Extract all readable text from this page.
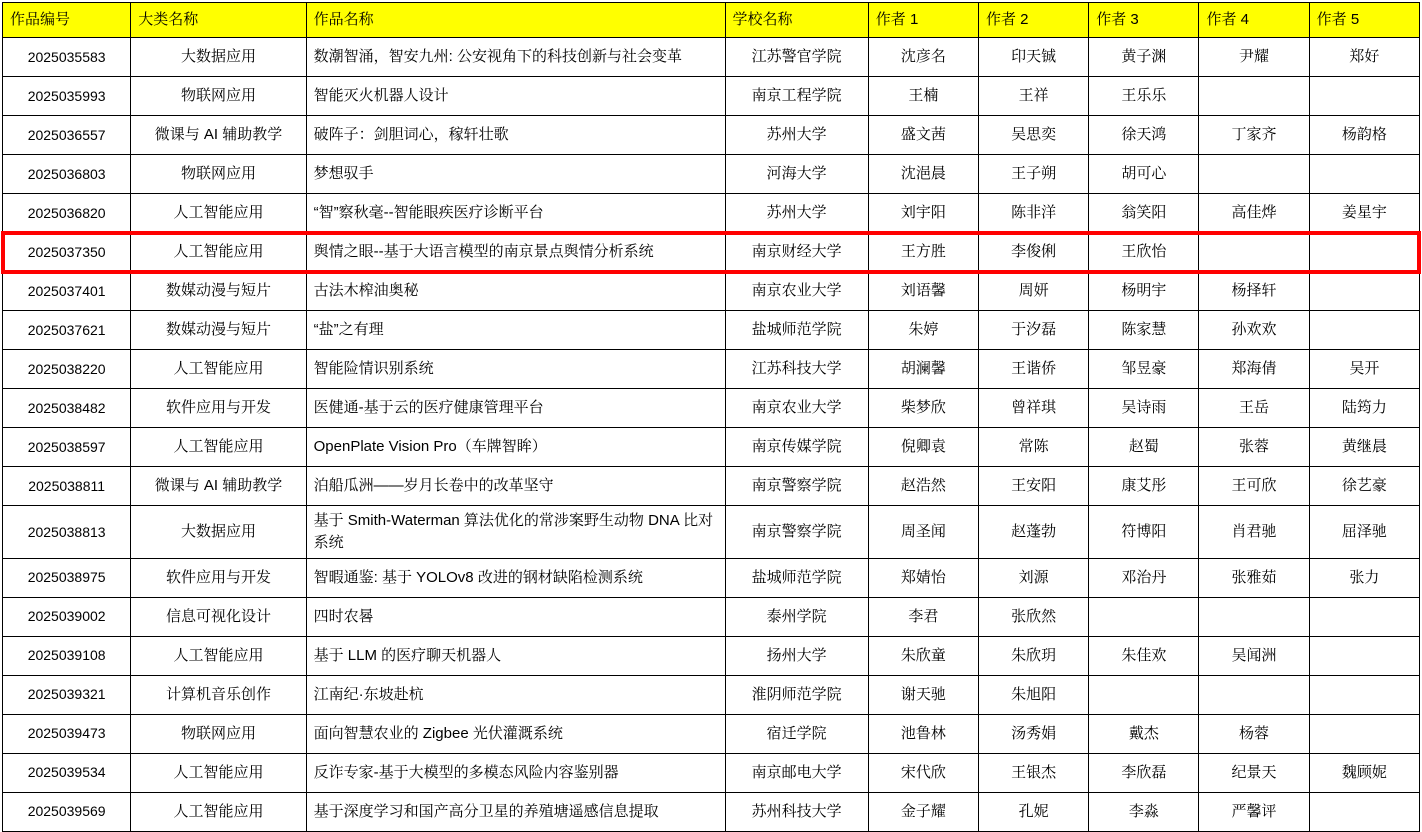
作品编号	大类名称	作品名称	学校名称	作者 1	作者 2	作者 3	作者 4	作者 5
2025035583	大数据应用	数潮智涌，智安九州: 公安视角下的科技创新与社会变革	江苏警官学院	沈彦名	印天铖	黄子渊	尹耀	郑好
2025035993	物联网应用	智能灭火机器人设计	南京工程学院	王楠	王祥	王乐乐		
2025036557	微课与 AI 辅助教学	破阵子：剑胆词心，稼轩壮歌	苏州大学	盛文茜	吴思奕	徐天鸿	丁家齐	杨韵格
2025036803	物联网应用	梦想驭手	河海大学	沈浥晨	王子朔	胡可心		
2025036820	人工智能应用	“智”察秋毫--智能眼疾医疗诊断平台	苏州大学	刘宇阳	陈非洋	翁笑阳	高佳烨	姜星宇
2025037350	人工智能应用	舆情之眼--基于大语言模型的南京景点舆情分析系统	南京财经大学	王方胜	李俊俐	王欣怡		
2025037401	数媒动漫与短片	古法木榨油奥秘	南京农业大学	刘语馨	周妍	杨明宇	杨择轩	
2025037621	数媒动漫与短片	“盐”之有理	盐城师范学院	朱婷	于汐磊	陈家慧	孙欢欢	
2025038220	人工智能应用	智能险情识别系统	江苏科技大学	胡澜馨	王谐侨	邹昱豪	郑海倩	吴开
2025038482	软件应用与开发	医健通-基于云的医疗健康管理平台	南京农业大学	柴梦欣	曾祥琪	吴诗雨	王岳	陆筠力
2025038597	人工智能应用	OpenPlate Vision Pro（车牌智眸）	南京传媒学院	倪卿袁	常陈	赵蜀	张蓉	黄继晨
2025038811	微课与 AI 辅助教学	泊船瓜洲——岁月长卷中的改革坚守	南京警察学院	赵浩然	王安阳	康艾彤	王可欣	徐艺豪
2025038813	大数据应用	基于 Smith-Waterman 算法优化的常涉案野生动物 DNA 比对系统	南京警察学院	周圣闻	赵蓬勃	符博阳	肖君驰	屈泽驰
2025038975	软件应用与开发	智暇通鉴: 基于 YOLOv8 改进的钢材缺陷检测系统	盐城师范学院	郑婧怡	刘源	邓治丹	张雅茹	张力
2025039002	信息可视化设计	四时农晷	泰州学院	李君	张欣然			
2025039108	人工智能应用	基于 LLM 的医疗聊天机器人	扬州大学	朱欣童	朱欣玥	朱佳欢	吴闻洲	
2025039321	计算机音乐创作	江南纪·东坡赴杭	淮阴师范学院	谢天驰	朱旭阳			
2025039473	物联网应用	面向智慧农业的 Zigbee 光伏灌溉系统	宿迁学院	池鲁林	汤秀娟	戴杰	杨蓉	
2025039534	人工智能应用	反诈专家-基于大模型的多模态风险内容鉴别器	南京邮电大学	宋代欣	王银杰	李欣磊	纪景天	魏顾妮
2025039569	人工智能应用	基于深度学习和国产高分卫星的养殖塘遥感信息提取	苏州科技大学	金子耀	孔妮	李淼	严馨评	
